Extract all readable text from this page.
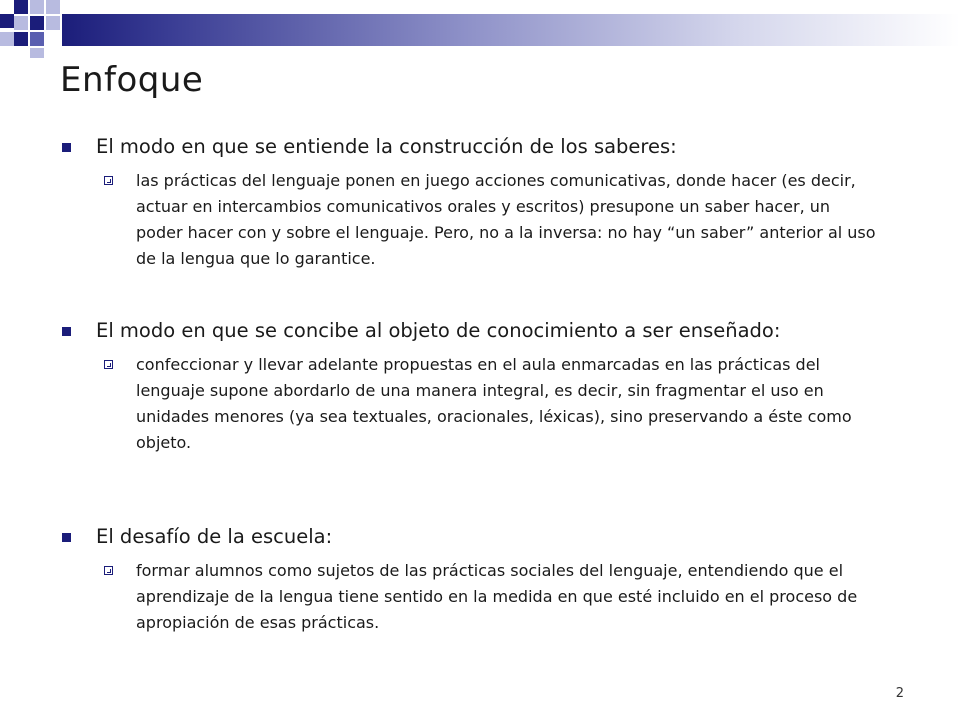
Enfoque
El modo en que se entiende la construcción de los saberes:
las prácticas del lenguaje ponen en juego acciones comunicativas, donde hacer (es decir, actuar en intercambios comunicativos orales y escritos) presupone un saber hacer, un poder hacer con y sobre el lenguaje. Pero, no a la inversa: no hay “un saber” anterior al uso de la lengua que lo garantice.
El modo en que se concibe al objeto de conocimiento a ser enseñado:
confeccionar y llevar adelante propuestas en el aula enmarcadas en las prácticas del lenguaje supone abordarlo de una manera integral, es decir, sin fragmentar el uso en unidades menores (ya sea textuales, oracionales, léxicas), sino preservando a éste como objeto.
El desafío de la escuela:
formar alumnos como sujetos de las prácticas sociales del lenguaje, entendiendo que el aprendizaje de la lengua tiene sentido en la medida en que esté incluido en el proceso de apropiación de esas prácticas.
2
